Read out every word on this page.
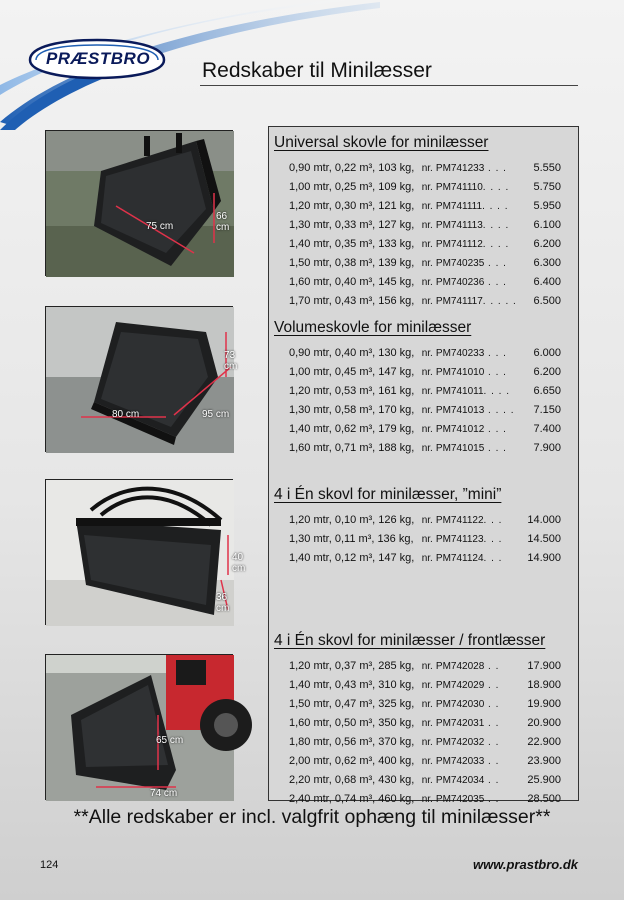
PRÆSTBRO
Redskaber til Minilæsser
75 cm
66 cm
73 cm
80 cm	95 cm
40 cm
36 cm
65 cm
74 cm
Universal skovle for minilæsser
0,90 mtr, 0,22 m³, 103 kg, nr. PM741233 . . .	5.550
1,00 mtr, 0,25 m³, 109 kg, nr. PM741110. . . .	5.750
1,20 mtr, 0,30 m³, 121 kg, nr. PM741111. . . .	5.950
1,30 mtr, 0,33 m³, 127 kg, nr. PM741113. . . .	6.100
1,40 mtr, 0,35 m³, 133 kg, nr. PM741112. . . .	6.200
1,50 mtr, 0,38 m³, 139 kg, nr. PM740235 . . .	6.300
1,60 mtr, 0,40 m³, 145 kg, nr. PM740236 . . .	6.400
1,70 mtr, 0,43 m³, 156 kg, nr. PM741117. . . . .	6.500
Volumeskovle for minilæsser
0,90 mtr, 0,40 m³, 130 kg, nr. PM740233 . . .	6.000
1,00 mtr, 0,45 m³, 147 kg, nr. PM741010 . . .	6.200
1,20 mtr, 0,53 m³, 161 kg, nr. PM741011. . . .	6.650
1,30 mtr, 0,58 m³, 170 kg, nr. PM741013 . . . .	7.150
1,40 mtr, 0,62 m³, 179 kg, nr. PM741012 . . .	7.400
1,60 mtr, 0,71 m³, 188 kg, nr. PM741015 . . .	7.900
4 i Én skovl for minilæsser, ”mini”
1,20 mtr, 0,10 m³, 126 kg, nr. PM741122. . .	14.000
1,30 mtr, 0,11 m³, 136 kg, nr. PM741123. . .	14.500
1,40 mtr, 0,12 m³, 147 kg, nr. PM741124. . .	14.900
4 i Én skovl for minilæsser / frontlæsser
1,20 mtr, 0,37 m³, 285 kg, nr. PM742028 . .	17.900
1,40 mtr, 0,43 m³, 310 kg, nr. PM742029 . .	18.900
1,50 mtr, 0,47 m³, 325 kg, nr. PM742030 . .	19.900
1,60 mtr, 0,50 m³, 350 kg, nr. PM742031 . .	20.900
1,80 mtr, 0,56 m³, 370 kg, nr. PM742032 . .	22.900
2,00 mtr, 0,62 m³, 400 kg, nr. PM742033 . .	23.900
2,20 mtr, 0,68 m³, 430 kg, nr. PM742034 . .	25.900
2,40 mtr, 0,74 m³, 460 kg, nr. PM742035 . .	28.500
**Alle redskaber er incl. valgfrit ophæng til minilæsser**
124	www.prastbro.dk
